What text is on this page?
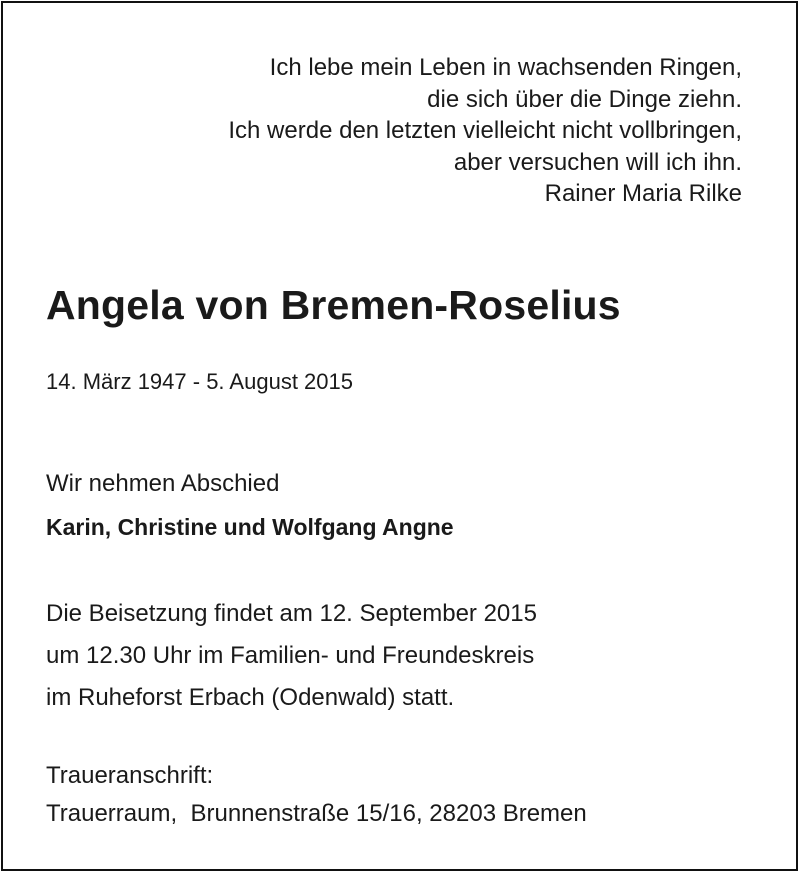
Ich lebe mein Leben in wachsenden Ringen,
die sich über die Dinge ziehn.
Ich werde den letzten vielleicht nicht vollbringen,
aber versuchen will ich ihn.
Rainer Maria Rilke
Angela von Bremen-Roselius
14. März 1947 - 5. August 2015
Wir nehmen Abschied
Karin, Christine und Wolfgang Angne
Die Beisetzung findet am 12. September 2015
um 12.30 Uhr im Familien- und Freundeskreis
im Ruheforst Erbach (Odenwald) statt.
Traueranschrift:
Trauerraum,  Brunnenstraße 15/16, 28203 Bremen
